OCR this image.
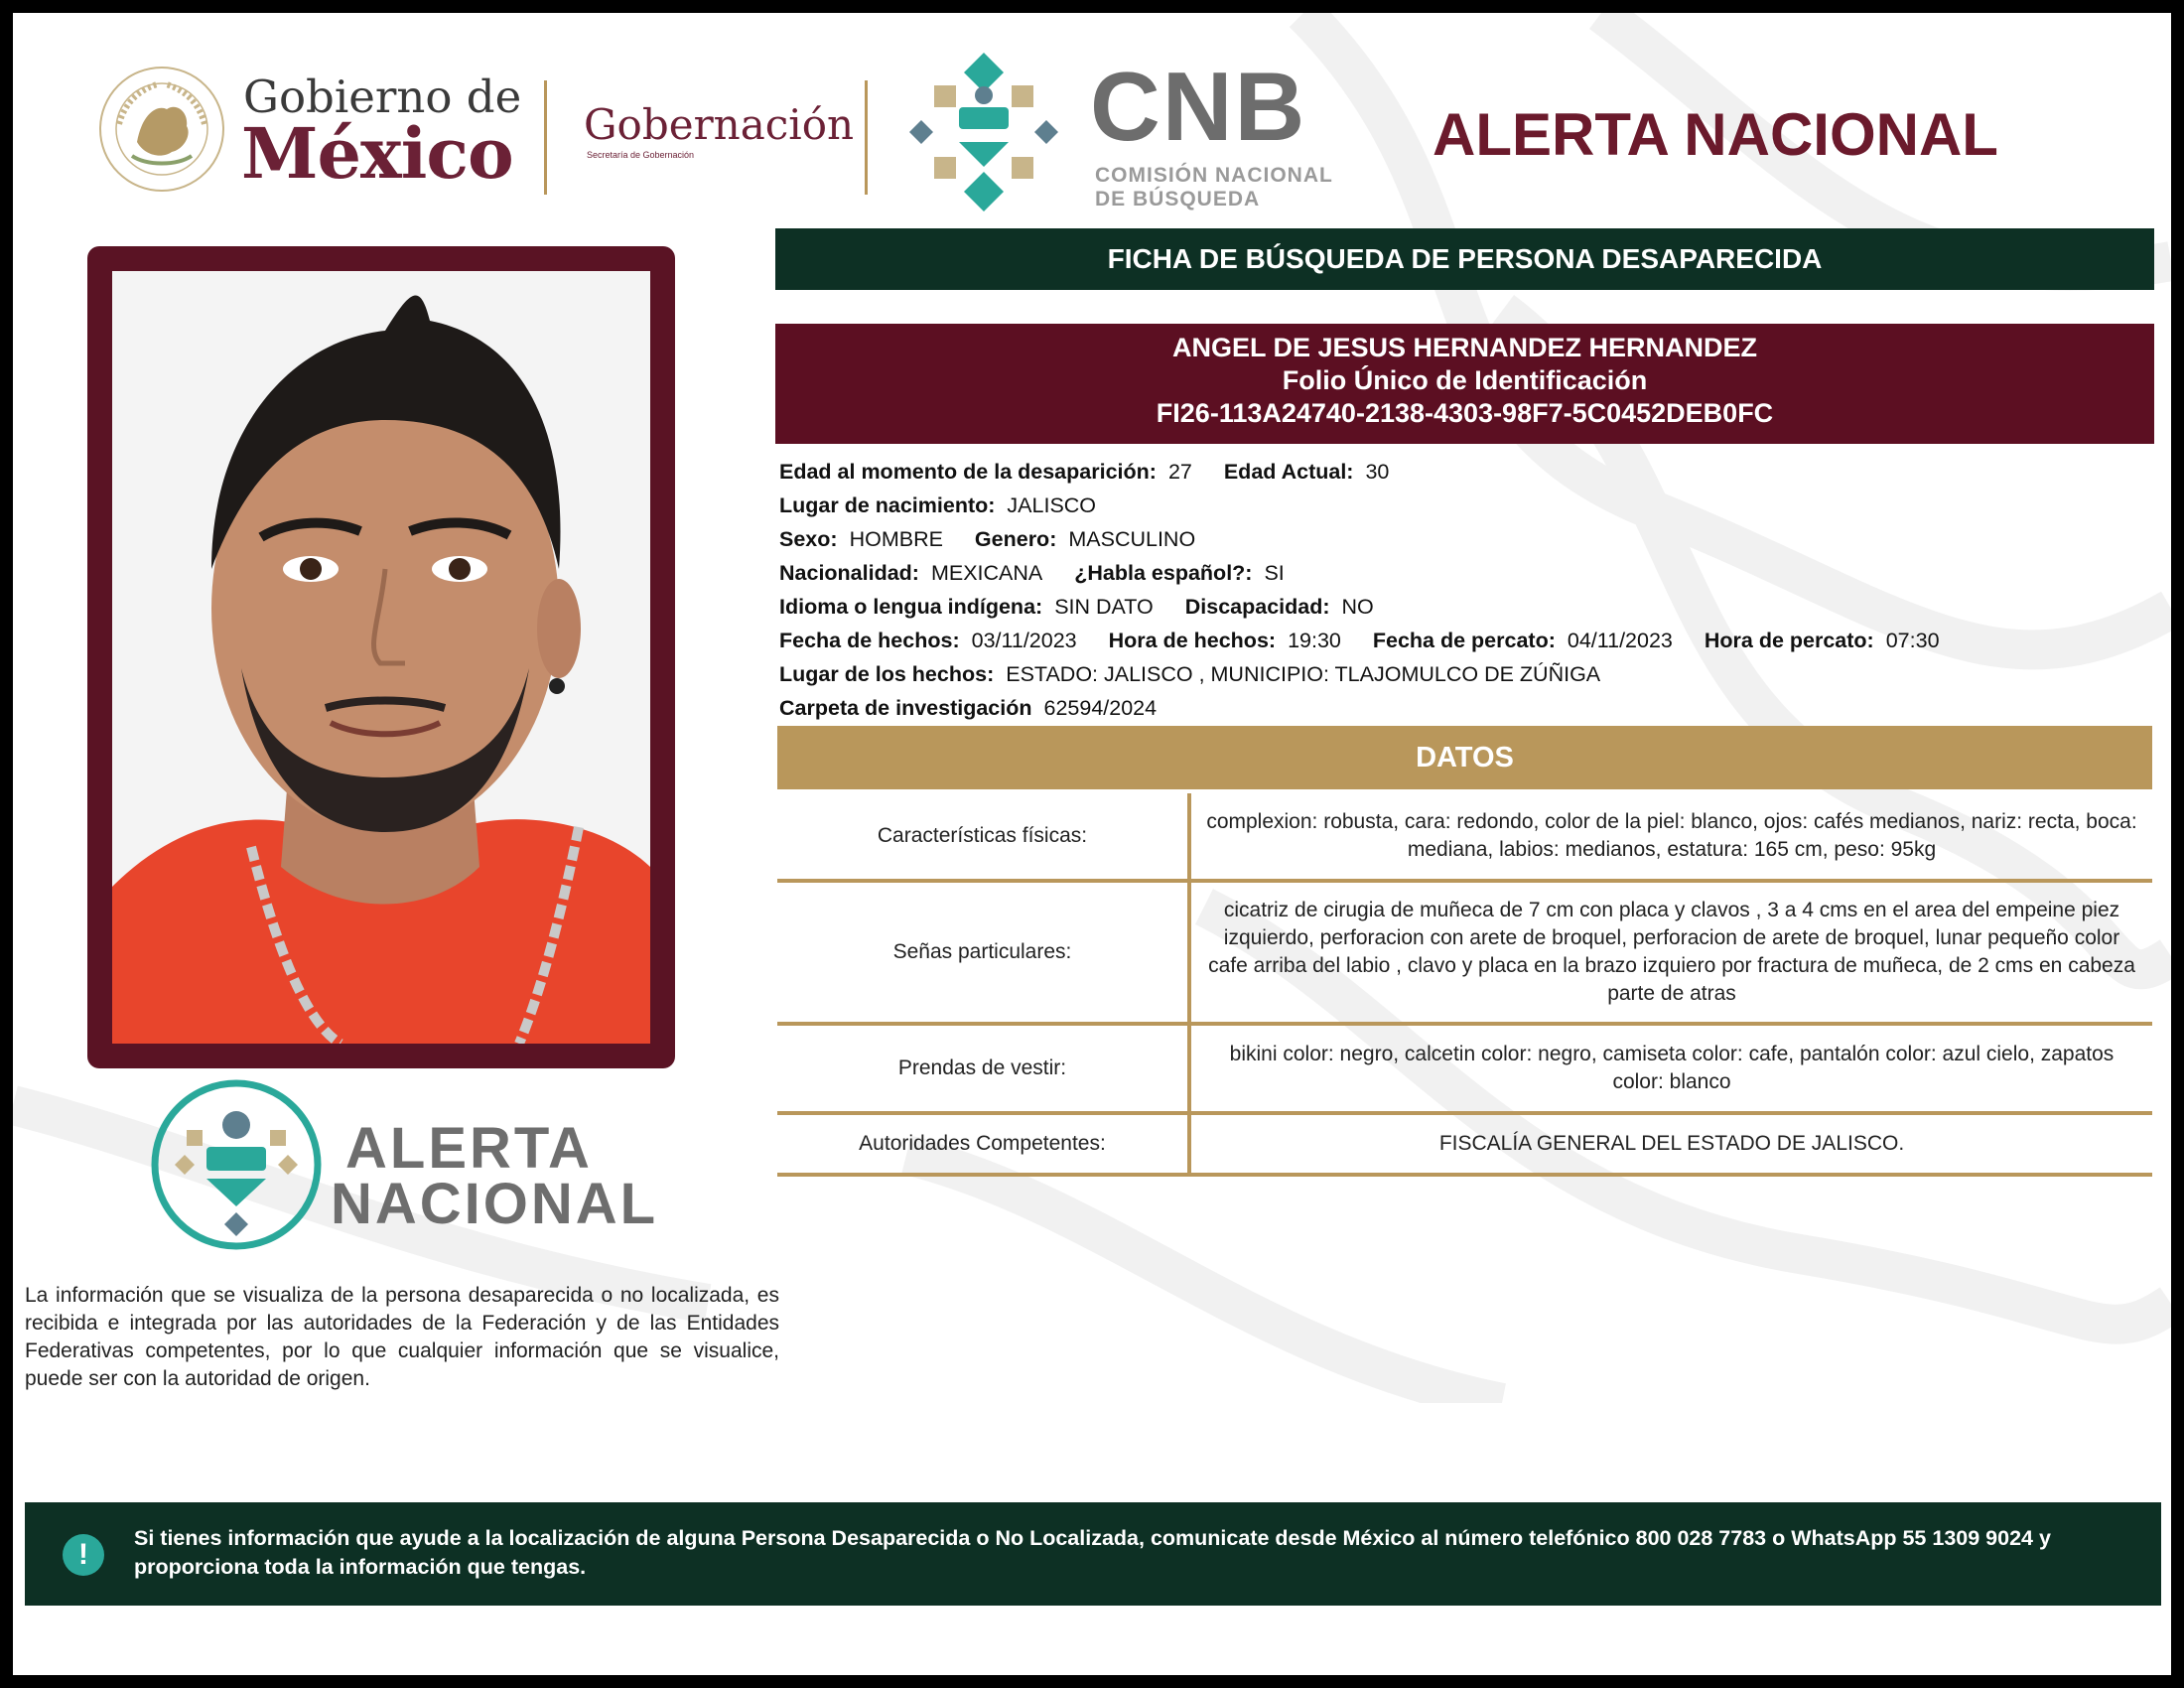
Gobierno de
México Gobernación
Secretaría de Gobernación	CNB
COMISIÓN NACIONAL
DE BÚSQUEDA
ALERTA NACIONAL
FICHA DE BÚSQUEDA DE PERSONA DESAPARECIDA
ANGEL DE JESUS HERNANDEZ HERNANDEZ
Folio Único de Identificación
FI26-113A24740-2138-4303-98F7-5C0452DEB0FC
Edad al momento de la desaparición: 27 Edad Actual: 30
Lugar de nacimiento: JALISCO
Sexo: HOMBRE Genero: MASCULINO
Nacionalidad: MEXICANA ¿Habla español?: SI
Idioma o lengua indígena: SIN DATO Discapacidad: NO
Fecha de hechos: 03/11/2023 Hora de hechos: 19:30 Fecha de percato: 04/11/2023 Hora de percato: 07:30
Lugar de los hechos: ESTADO: JALISCO , MUNICIPIO: TLAJOMULCO DE ZÚÑIGA
Carpeta de investigación 62594/2024
DATOS
Características físicas:	complexion: robusta, cara: redondo, color de la piel: blanco, ojos: cafés medianos, nariz: recta, boca: mediana, labios: medianos, estatura: 165 cm, peso: 95kg
Señas particulares:	cicatriz de cirugia de muñeca de 7 cm con placa y clavos , 3 a 4 cms en el area del empeine piez izquierdo, perforacion con arete de broquel, perforacion de arete de broquel, lunar pequeño color cafe arriba del labio , clavo y placa en la brazo izquiero por fractura de muñeca, de 2 cms en cabeza parte de atras
Prendas de vestir:	bikini color: negro, calcetin color: negro, camiseta color: cafe, pantalón color: azul cielo, zapatos color: blanco
Autoridades Competentes:	FISCALÍA GENERAL DEL ESTADO DE JALISCO.
ALERTA
NACIONAL
La información que se visualiza de la persona desaparecida o no localizada, es recibida e integrada por las autoridades de la Federación y de las Entidades Federativas competentes, por lo que cualquier información que se visualice, puede ser con la autoridad de origen.
!	Si tienes información que ayude a la localización de alguna Persona Desaparecida o No Localizada, comunicate desde México al número telefónico 800 028 7783 o WhatsApp 55 1309 9024 y proporciona toda la información que tengas.
